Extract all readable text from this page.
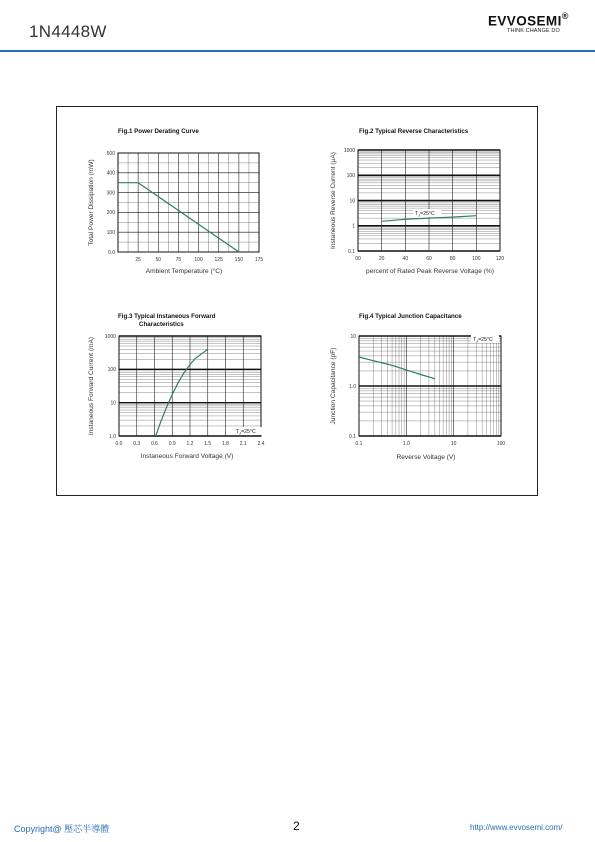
1N4448W
EVVOSEMI®
THINK CHANGE DO
Fig.1 Power Derating Curve
25	50	75	100 125 150 175
0.0
100
200
300
400
500
Ambient Temperature (°C)
Total Power Dissipation (mW)
Fig.2 Typical Reverse Characteristics
00	20	40	60	80	100	120
0.1
1
10
100
1000
$T_J=25^\circ C$
percent of Rated Peak Reverse Voltage (%)
Instaneous Reverse Current (μA)
Fig.3 Typical Instaneous Forward
Characteristics
0.0 0.3 0.6 0.9 1.2 1.5 1.8 2.1 2.4
1.0
10
100
1000
$T_J=25^\circ C$
Instaneous Forward Voltage (V)
Instaneous Forward Current (mA)
Fig.4 Typical Junction Capacitance
0.1	1.0	10	100
0.1
1.0
10
$T_J=25^\circ C$
Reverse Voltage (V)
Junction Capacitance (pF)
Copyright@ 壓芯半導體	2	http://www.evvosemi.com/
